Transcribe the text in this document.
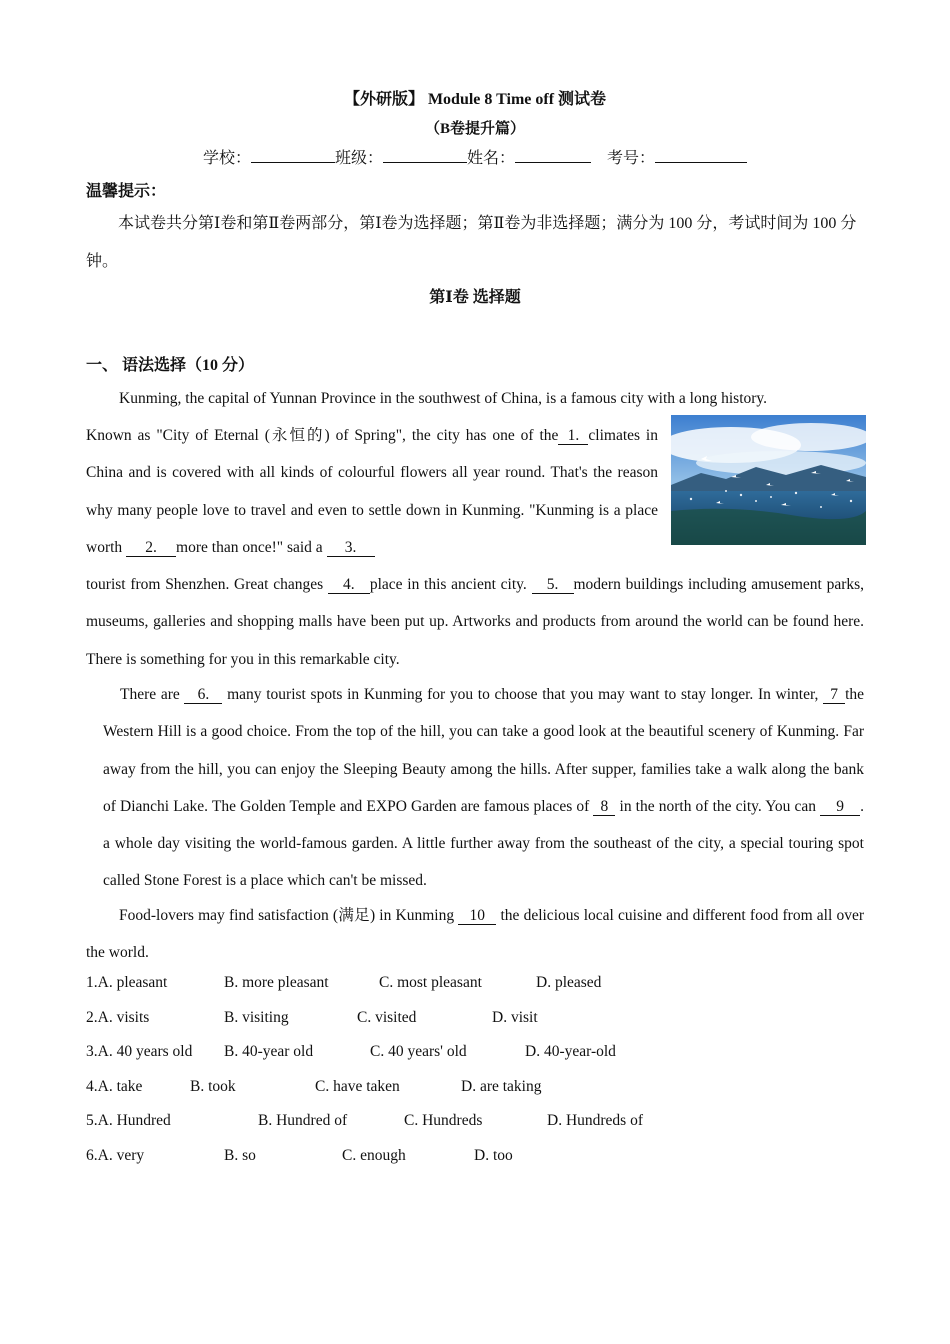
【外研版】 Module 8 Time off 测试卷
（B卷提升篇）
学校：	班级：	姓名：	考号：
温馨提示：
本试卷共分第Ⅰ卷和第Ⅱ卷两部分，第Ⅰ卷为选择题；第Ⅱ卷为非选择题；满分为 100 分，考试时间为 100 分钟。
第Ⅰ卷 选择题
一、 语法选择（10 分）
Kunming, the capital of Yunnan Province in the southwest of China, is a famous city with a long history.
Known as "City of Eternal (永恒的) of Spring", the city has one of the 1. climates in China and is covered with all kinds of colourful flowers all year round. That's the reason why many people love to travel and even to settle down in Kunming. "Kunming is a place worth 2. more than once!" said a 3.
tourist from Shenzhen. Great changes 4. place in this ancient city. 5. modern buildings including amusement parks, museums, galleries and shopping malls have been put up. Artworks and products from around the world can be found here. There is something for you in this remarkable city.
There are 6. many tourist spots in Kunming for you to choose that you may want to stay longer. In winter, 7 the Western Hill is a good choice. From the top of the hill, you can take a good look at the beautiful scenery of Kunming. Far away from the hill, you can enjoy the Sleeping Beauty among the hills. After supper, families take a walk along the bank of Dianchi Lake. The Golden Temple and EXPO Garden are famous places of 8 in the north of the city. You can 9 . a whole day visiting the world-famous garden. A little further away from the southeast of the city, a special touring spot called Stone Forest is a place which can't be missed.
Food-lovers may find satisfaction (满足) in Kunming 10 the delicious local cuisine and different food from all over the world.
1.A. pleasant	B. more pleasant	C. most pleasant	D. pleased
2.A. visits	B. visiting	C. visited	D. visit
3.A. 40 years old B. 40-year old	C. 40 years' old	D. 40-year-old
4.A. take	B. took	C. have taken	D. are taking
5.A. Hundred	B. Hundred of	C. Hundreds	D. Hundreds of
6.A. very	B. so	C. enough	D. too
